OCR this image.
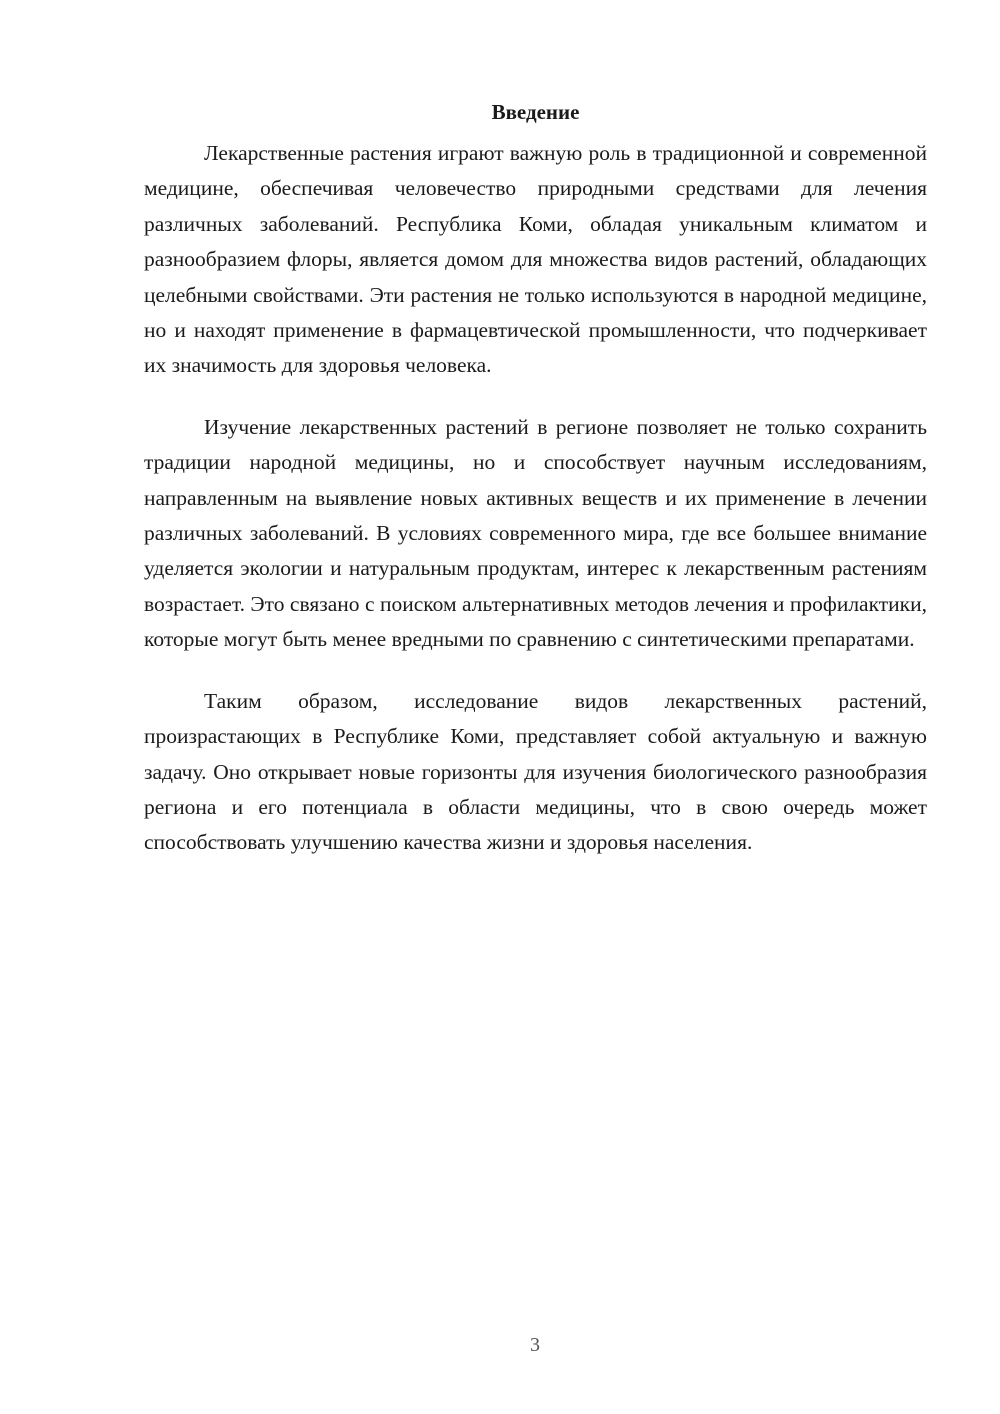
Введение

Лекарственные растения играют важную роль в традиционной и современной медицине, обеспечивая человечество природными средствами для лечения различных заболеваний. Республика Коми, обладая уникальным климатом и разнообразием флоры, является домом для множества видов растений, обладающих целебными свойствами. Эти растения не только используются в народной медицине, но и находят применение в фармацевтической промышленности, что подчеркивает их значимость для здоровья человека.

Изучение лекарственных растений в регионе позволяет не только сохранить традиции народной медицины, но и способствует научным исследованиям, направленным на выявление новых активных веществ и их применение в лечении различных заболеваний. В условиях современного мира, где все большее внимание уделяется экологии и натуральным продуктам, интерес к лекарственным растениям возрастает. Это связано с поиском альтернативных методов лечения и профилактики, которые могут быть менее вредными по сравнению с синтетическими препаратами.

Таким образом, исследование видов лекарственных растений, произрастающих в Республике Коми, представляет собой актуальную и важную задачу. Оно открывает новые горизонты для изучения биологического разнообразия региона и его потенциала в области медицины, что в свою очередь может способствовать улучшению качества жизни и здоровья населения.

3
